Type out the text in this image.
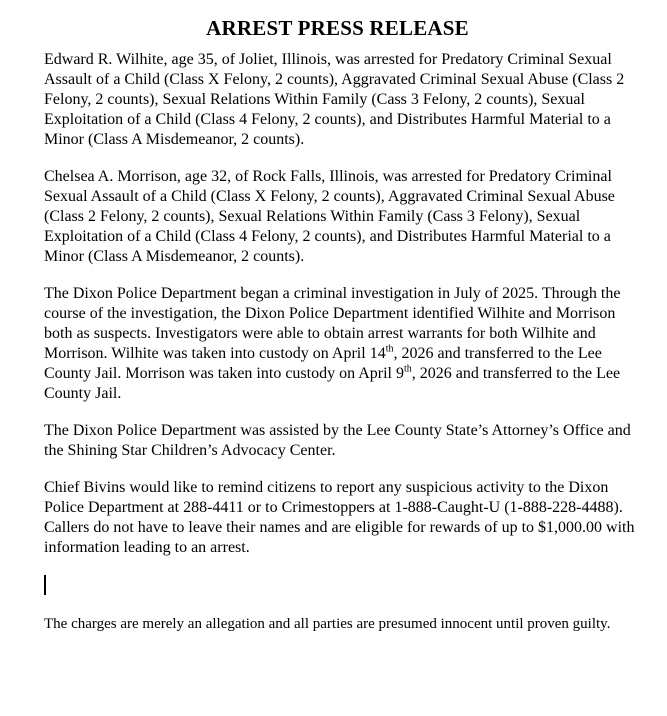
ARREST PRESS RELEASE

Edward R. Wilhite, age 35, of Joliet, Illinois, was arrested for Predatory Criminal Sexual Assault of a Child (Class X Felony, 2 counts), Aggravated Criminal Sexual Abuse (Class 2 Felony, 2 counts), Sexual Relations Within Family (Cass 3 Felony, 2 counts), Sexual Exploitation of a Child (Class 4 Felony, 2 counts), and Distributes Harmful Material to a Minor (Class A Misdemeanor, 2 counts).

Chelsea A. Morrison, age 32, of Rock Falls, Illinois, was arrested for Predatory Criminal Sexual Assault of a Child (Class X Felony, 2 counts), Aggravated Criminal Sexual Abuse (Class 2 Felony, 2 counts), Sexual Relations Within Family (Cass 3 Felony), Sexual Exploitation of a Child (Class 4 Felony, 2 counts), and Distributes Harmful Material to a Minor (Class A Misdemeanor, 2 counts).

The Dixon Police Department began a criminal investigation in July of 2025. Through the course of the investigation, the Dixon Police Department identified Wilhite and Morrison both as suspects. Investigators were able to obtain arrest warrants for both Wilhite and Morrison. Wilhite was taken into custody on April 14th, 2026 and transferred to the Lee County Jail. Morrison was taken into custody on April 9th, 2026 and transferred to the Lee County Jail.

The Dixon Police Department was assisted by the Lee County State’s Attorney’s Office and the Shining Star Children’s Advocacy Center.

Chief Bivins would like to remind citizens to report any suspicious activity to the Dixon Police Department at 288-4411 or to Crimestoppers at 1-888-Caught-U (1-888-228-4488). Callers do not have to leave their names and are eligible for rewards of up to $1,000.00 with information leading to an arrest.

The charges are merely an allegation and all parties are presumed innocent until proven guilty.
